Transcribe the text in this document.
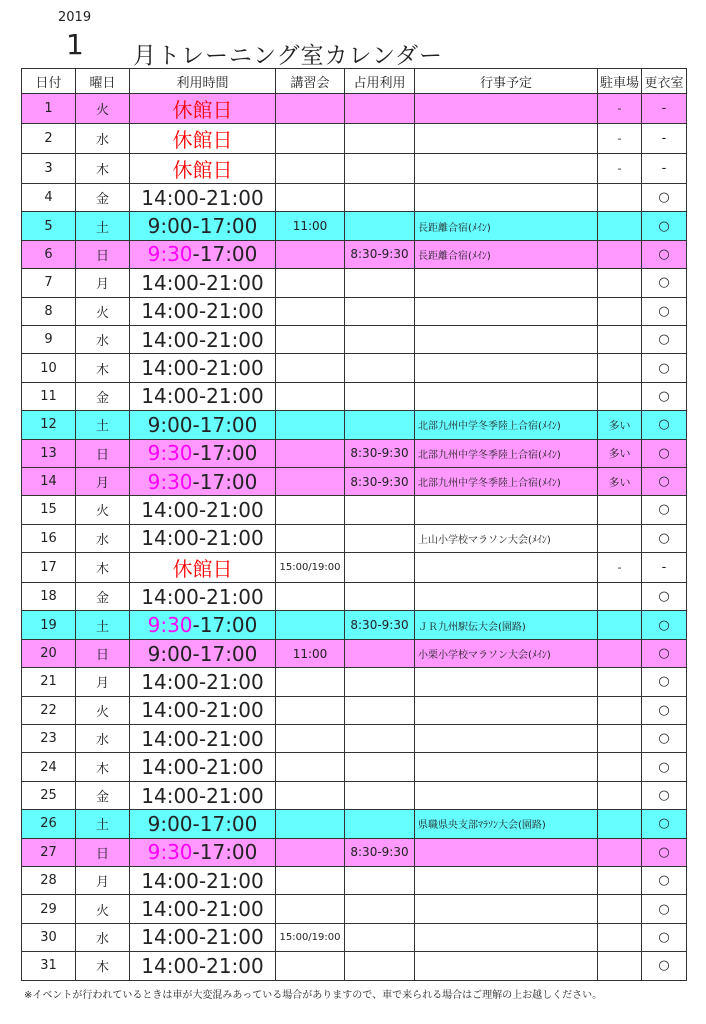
2019
1 月トレーニング室カレンダー
日付	曜日	利用時間	講習会	占用利用	行事予定	駐車場	更衣室
1	火	休館日				-	-
2	水	休館日				-	-
3	木	休館日				-	-
4	金	14:00-21:00					○
5	土	9:00-17:00	11:00		長距離合宿(ﾒｲﾝ)		○
6	日	9:30-17:00		8:30-9:30	長距離合宿(ﾒｲﾝ)		○
7	月	14:00-21:00					○
8	火	14:00-21:00					○
9	水	14:00-21:00					○
10	木	14:00-21:00					○
11	金	14:00-21:00					○
12	土	9:00-17:00			北部九州中学冬季陸上合宿(ﾒｲﾝ)	多い	○
13	日	9:30-17:00		8:30-9:30	北部九州中学冬季陸上合宿(ﾒｲﾝ)	多い	○
14	月	9:30-17:00		8:30-9:30	北部九州中学冬季陸上合宿(ﾒｲﾝ)	多い	○
15	火	14:00-21:00					○
16	水	14:00-21:00			上山小学校マラソン大会(ﾒｲﾝ)		○
17	木	休館日	15:00/19:00			-	-
18	金	14:00-21:00					○
19	土	9:30-17:00		8:30-9:30	ＪＲ九州駅伝大会(園路)		○
20	日	9:00-17:00	11:00		小栗小学校マラソン大会(ﾒｲﾝ)		○
21	月	14:00-21:00					○
22	火	14:00-21:00					○
23	水	14:00-21:00					○
24	木	14:00-21:00					○
25	金	14:00-21:00					○
26	土	9:00-17:00			県職県央支部ﾏﾗｿﾝ大会(園路)		○
27	日	9:30-17:00		8:30-9:30			○
28	月	14:00-21:00					○
29	火	14:00-21:00					○
30	水	14:00-21:00	15:00/19:00				○
31	木	14:00-21:00					○
※イベントが行われているときは車が大変混みあっている場合がありますので、車で来られる場合はご理解の上お越しください。
